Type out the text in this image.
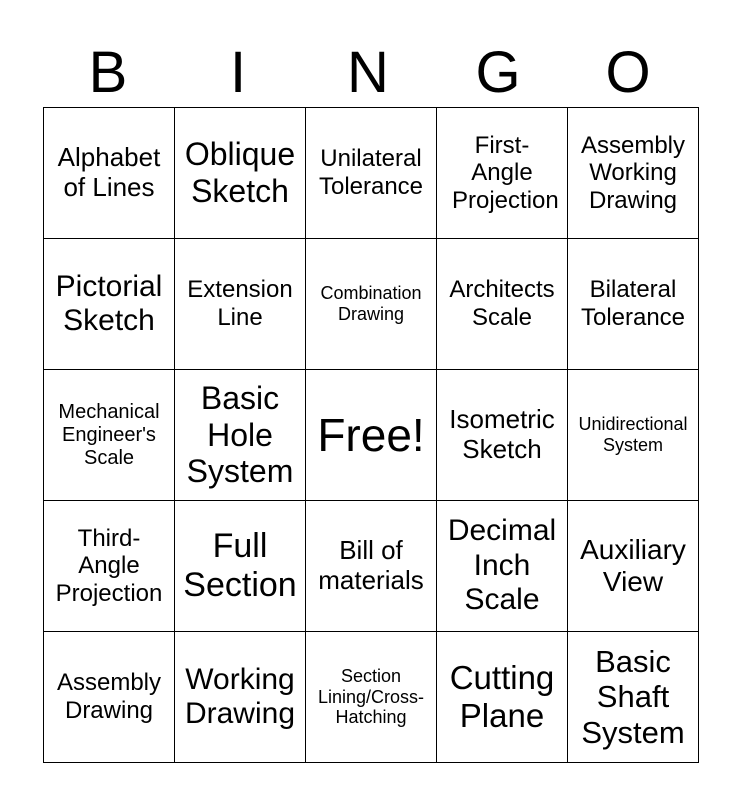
B	I	N	G	O
Alphabet of Lines	Oblique Sketch	Unilateral Tolerance	First-Angle Projection	Assembly Working Drawing

Pictorial Sketch	Extension Line	Combination Drawing	Architects Scale	Bilateral Tolerance

Mechanical Engineer's Scale	Basic Hole System	Free!	Isometric Sketch	Unidirectional System

Third-Angle Projection	Full Section	Bill of materials	Decimal Inch Scale	Auxiliary View

Assembly Drawing	Working Drawing	Section Lining/Cross-Hatching	Cutting Plane	Basic Shaft System
